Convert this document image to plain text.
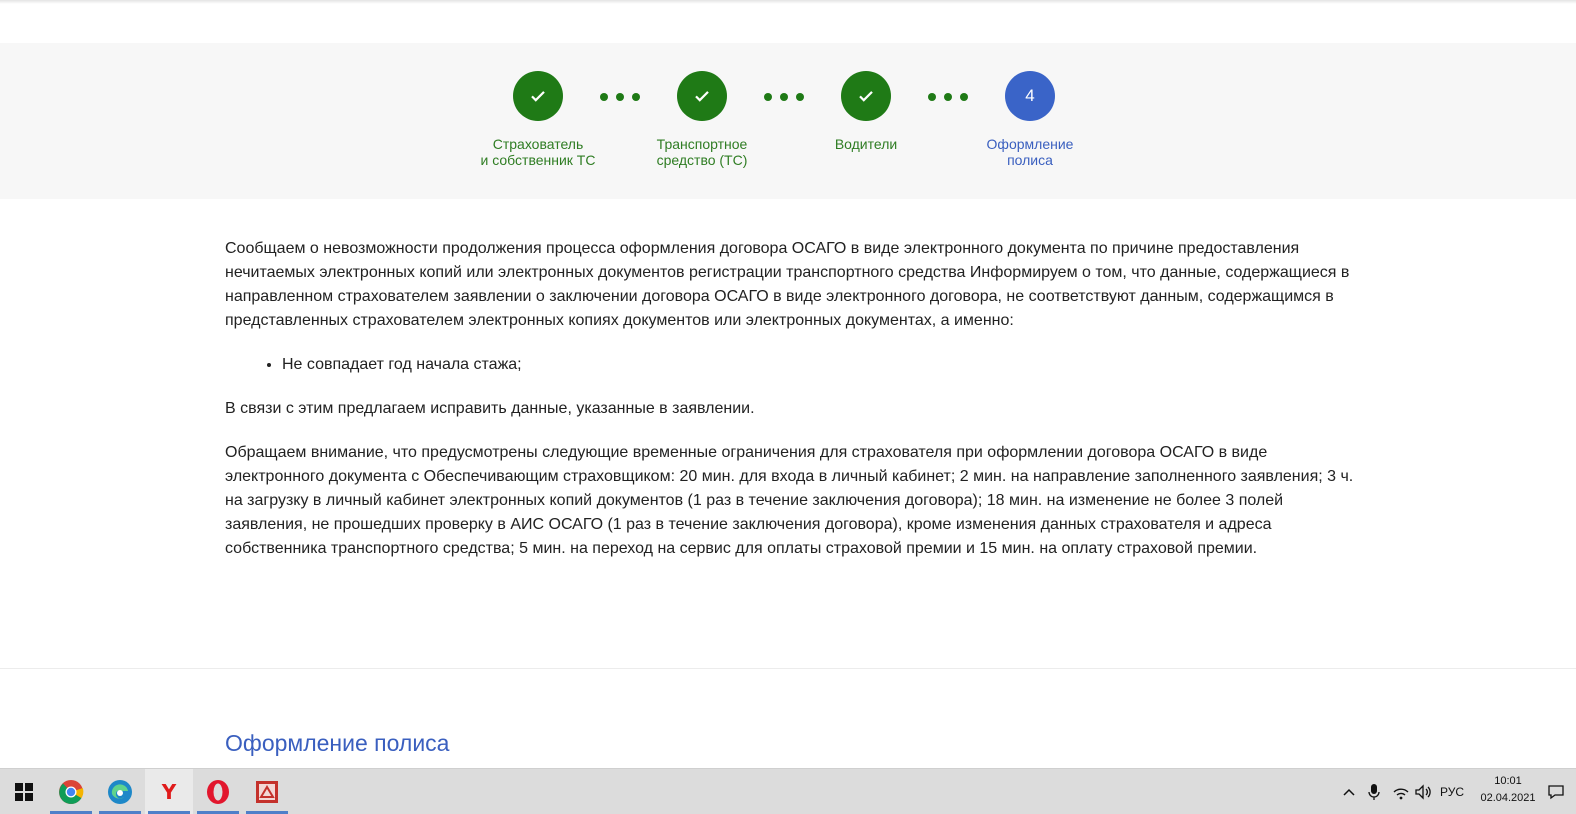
Страхователь
и собственник ТС
Транспортное
средство (ТС)
Водители
4
Оформление
полиса

Сообщаем о невозможности продолжения процесса оформления договора ОСАГО в виде электронного документа по причине предоставления нечитаемых электронных копий или электронных документов регистрации транспортного средства Информируем о том, что данные, содержащиеся в направленном страхователем заявлении о заключении договора ОСАГО в виде электронного договора, не соответствуют данным, содержащимся в представленных страхователем электронных копиях документов или электронных документах, а именно:

• Не совпадает год начала стажа;

В связи с этим предлагаем исправить данные, указанные в заявлении.

Обращаем внимание, что предусмотрены следующие временные ограничения для страхователя при оформлении договора ОСАГО в виде электронного документа с Обеспечивающим страховщиком: 20 мин. для входа в личный кабинет; 2 мин. на направление заполненного заявления; 3 ч. на загрузку в личный кабинет электронных копий документов (1 раз в течение заключения договора); 18 мин. на изменение не более 3 полей заявления, не прошедших проверку в АИС ОСАГО (1 раз в течение заключения договора), кроме изменения данных страхователя и адреса собственника транспортного средства; 5 мин. на переход на сервис для оплаты страховой премии и 15 мин. на оплату страховой премии.

Оформление полиса
Y	РУС
10:01
02.04.2021
